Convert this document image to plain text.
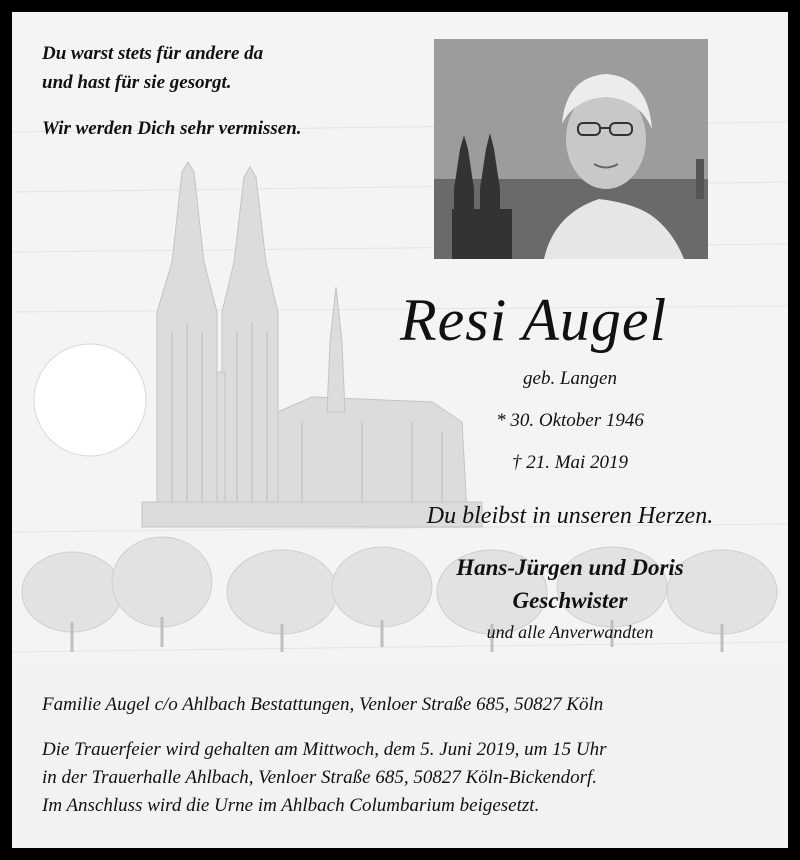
Du warst stets für andere da
und hast für sie gesorgt.
Wir werden Dich sehr vermissen.
Resi Augel
geb. Langen
* 30. Oktober 1946
† 21. Mai 2019
Du bleibst in unseren Herzen.
Hans-Jürgen und Doris
Geschwister
und alle Anverwandten
Familie Augel c/o Ahlbach Bestattungen, Venloer Straße 685, 50827 Köln
Die Trauerfeier wird gehalten am Mittwoch, dem 5. Juni 2019, um 15 Uhr
in der Trauerhalle Ahlbach, Venloer Straße 685, 50827 Köln-Bickendorf.
Im Anschluss wird die Urne im Ahlbach Columbarium beigesetzt.
